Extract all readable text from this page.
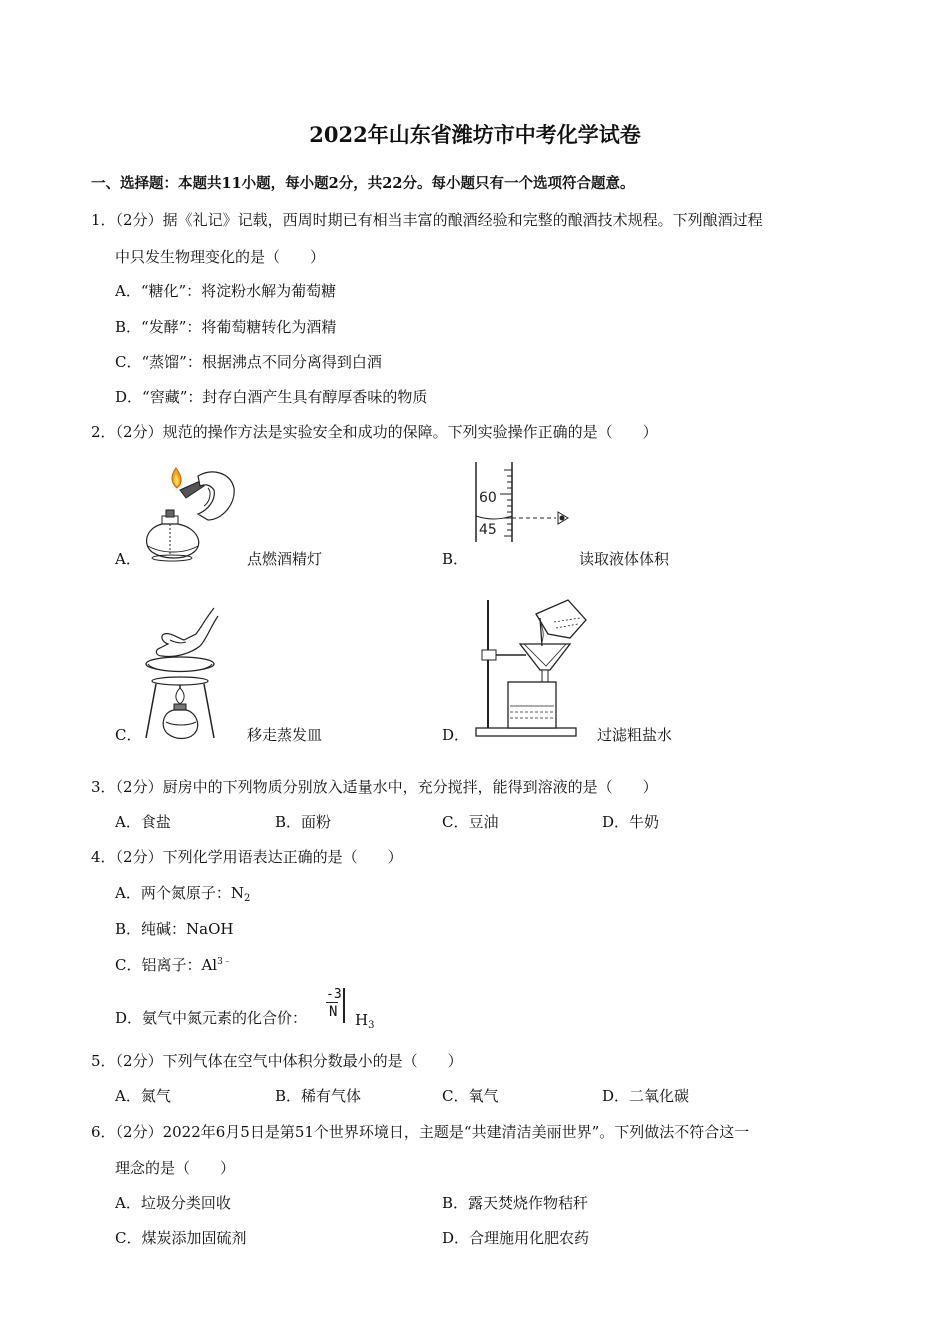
2022年山东省潍坊市中考化学试卷
一、选择题：本题共11小题，每小题2分，共22分。每小题只有一个选项符合题意。
1．（2分）据《礼记》记载，西周时期已有相当丰富的酿酒经验和完整的酿酒技术规程。下列酿酒过程
中只发生物理变化的是（　　）
A．“糖化”：将淀粉水解为葡萄糖
B．“发酵”：将葡萄糖转化为酒精
C．“蒸馏”：根据沸点不同分离得到白酒
D．“窖藏”：封存白酒产生具有醇厚香味的物质
2．（2分）规范的操作方法是实验安全和成功的保障。下列实验操作正确的是（　　）
A．	点燃酒精灯
60
45
B．	读取液体体积
C．	移走蒸发皿	D．	过滤粗盐水
3．（2分）厨房中的下列物质分别放入适量水中，充分搅拌，能得到溶液的是（　　）
A．食盐	B．面粉	C．豆油	D．牛奶
4．（2分）下列化学用语表达正确的是（　　）
A．两个氮原子：$N_2$
B．纯碱：NaOH
C．铝离子：$Al^{3﹣}$
D．氨气中氮元素的化合价：
-3
N $H_3$
5．（2分）下列气体在空气中体积分数最小的是（　　）
A．氮气	B．稀有气体	C．氧气	D．二氧化碳
6．（2分）2022年6月5日是第51个世界环境日，主题是“共建清洁美丽世界”。下列做法不符合这一
理念的是（　　）
A．垃圾分类回收	B．露天焚烧作物秸秆
C．煤炭添加固硫剂	D．合理施用化肥农药
